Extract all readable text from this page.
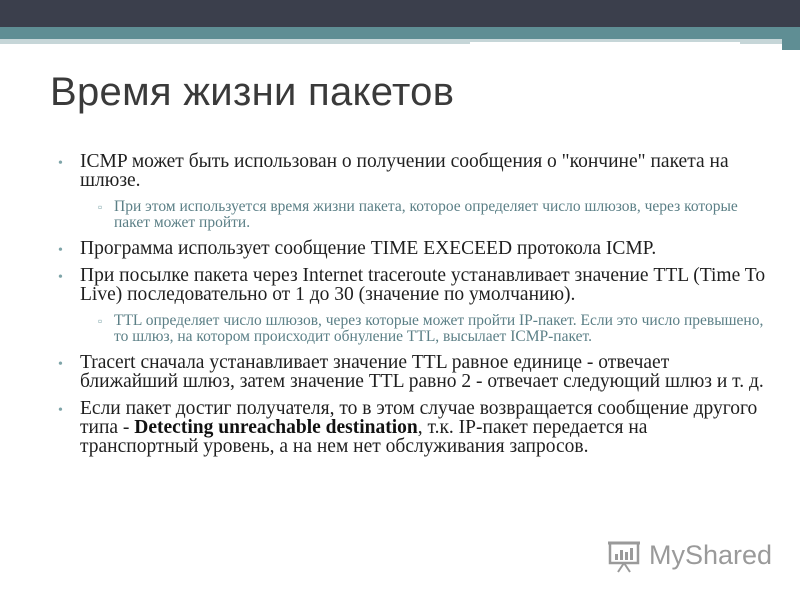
Время жизни пакетов
• ICMP может быть использован о получении сообщения о "кончине" пакета на шлюзе.
▫ При этом используется время жизни пакета, которое определяет число шлюзов, через которые пакет может пройти.
• Программа использует сообщение TIME EXECEED протокола ICMP.
• При посылке пакета через Internet traceroute устанавливает значение TTL (Time To Live) последовательно от 1 до 30 (значение по умолчанию).
▫ TTL определяет число шлюзов, через которые может пройти IP-пакет. Если это число превышено, то шлюз, на котором происходит обнуление TTL, высылает ICMP-пакет.
• Tracert сначала устанавливает значение TTL равное единице - отвечает ближайший шлюз, затем значение TTL равно 2 - отвечает следующий шлюз и т. д.
• Если пакет достиг получателя, то в этом случае возвращается сообщение другого типа - Detecting unreachable destination, т.к. IP-пакет передается на транспортный уровень, а на нем нет обслуживания запросов.
MyShared
